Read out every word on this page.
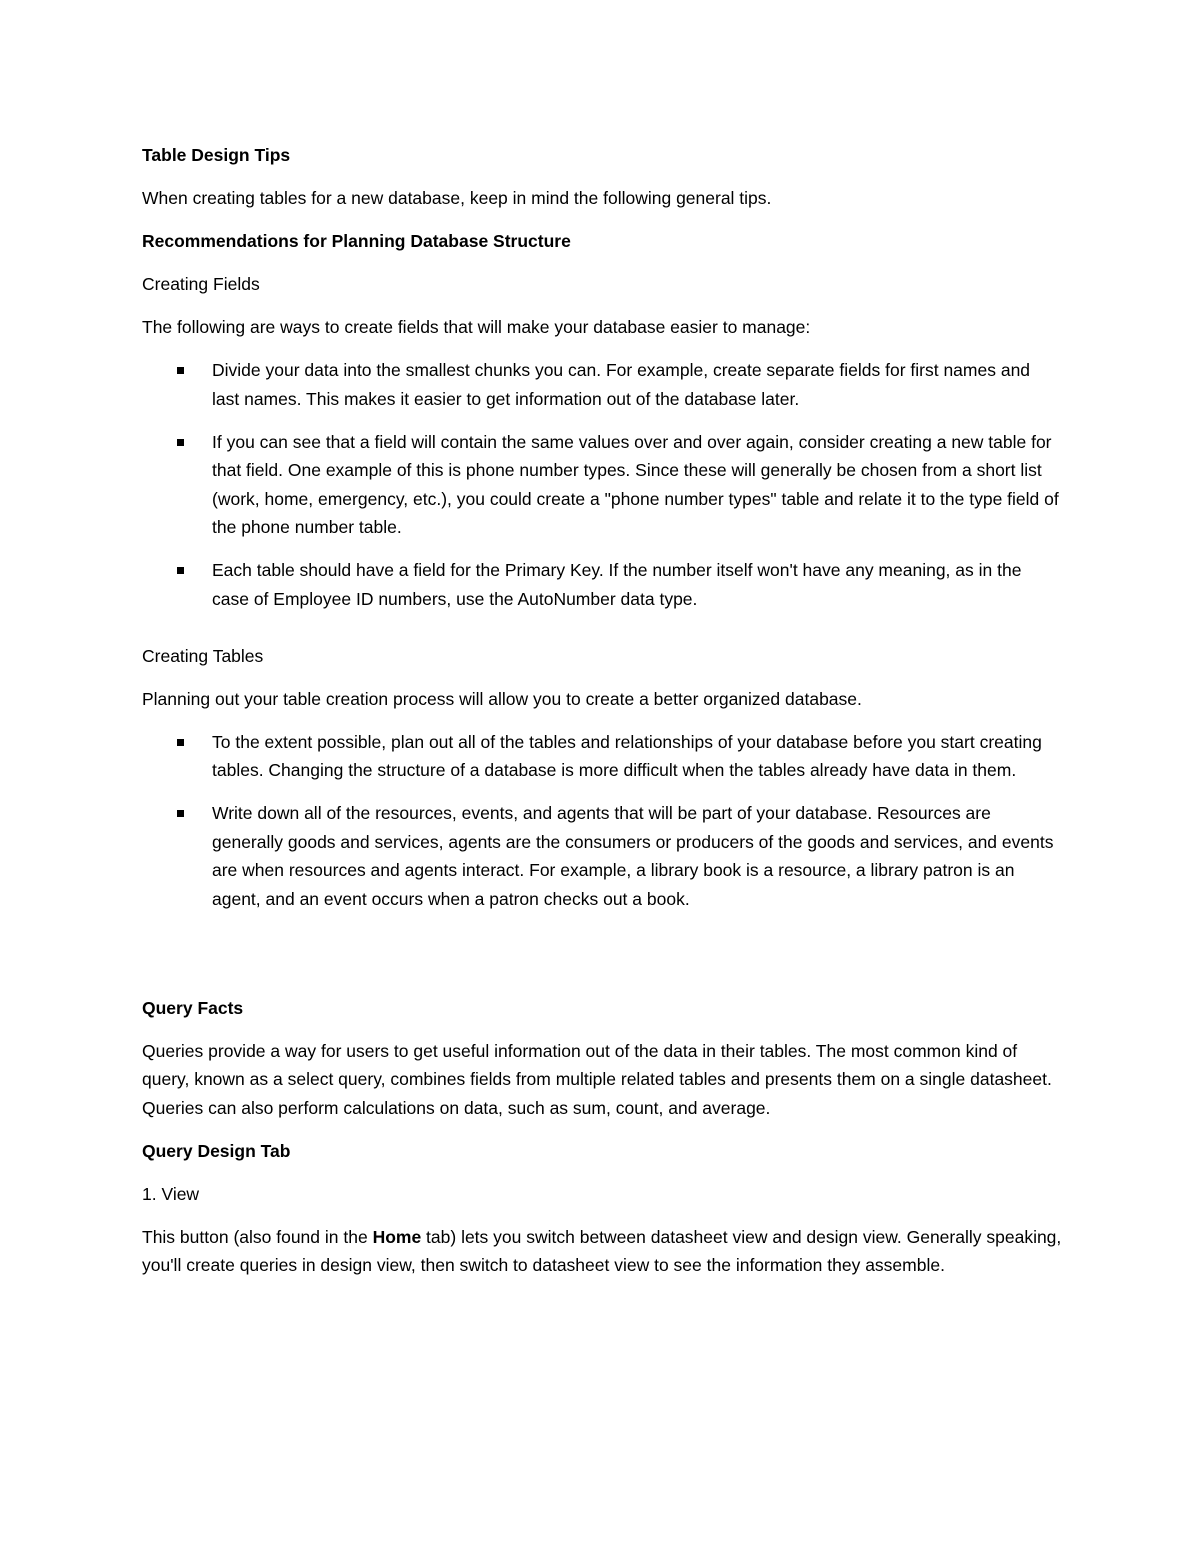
Table Design Tips

When creating tables for a new database, keep in mind the following general tips.

Recommendations for Planning Database Structure

Creating Fields

The following are ways to create fields that will make your database easier to manage:

Divide your data into the smallest chunks you can. For example, create separate fields for first names and last names. This makes it easier to get information out of the database later.
If you can see that a field will contain the same values over and over again, consider creating a new table for that field. One example of this is phone number types. Since these will generally be chosen from a short list (work, home, emergency, etc.), you could create a "phone number types" table and relate it to the type field of the phone number table.
Each table should have a field for the Primary Key. If the number itself won't have any meaning, as in the case of Employee ID numbers, use the AutoNumber data type.

Creating Tables

Planning out your table creation process will allow you to create a better organized database.

To the extent possible, plan out all of the tables and relationships of your database before you start creating tables. Changing the structure of a database is more difficult when the tables already have data in them.
Write down all of the resources, events, and agents that will be part of your database. Resources are generally goods and services, agents are the consumers or producers of the goods and services, and events are when resources and agents interact. For example, a library book is a resource, a library patron is an agent, and an event occurs when a patron checks out a book.

Query Facts

Queries provide a way for users to get useful information out of the data in their tables. The most common kind of query, known as a select query, combines fields from multiple related tables and presents them on a single datasheet. Queries can also perform calculations on data, such as sum, count, and average.

Query Design Tab

1. View

This button (also found in the Home tab) lets you switch between datasheet view and design view. Generally speaking, you'll create queries in design view, then switch to datasheet view to see the information they assemble.
